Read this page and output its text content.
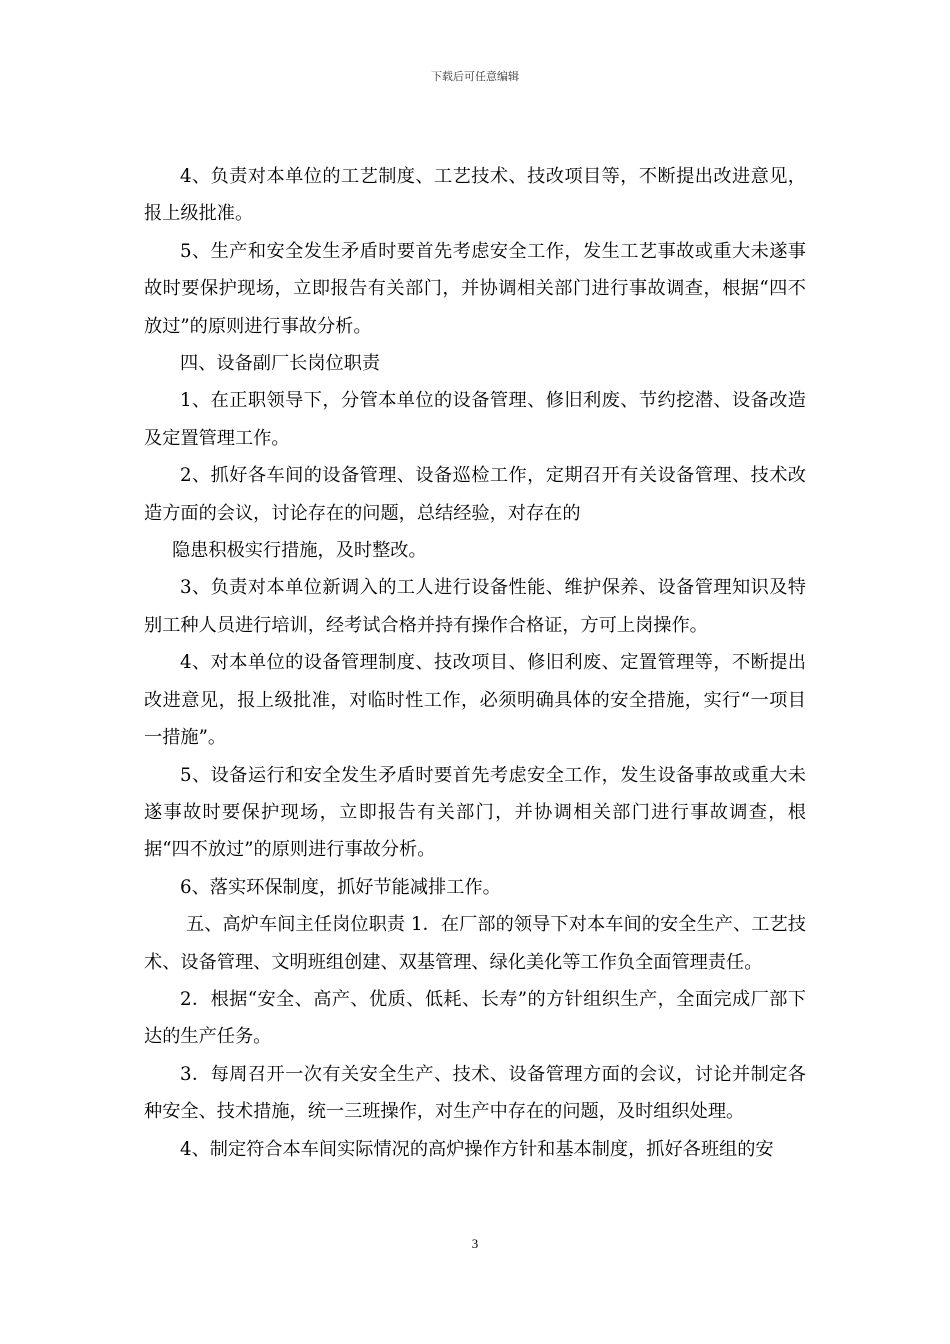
下载后可任意编辑

4、负责对本单位的工艺制度、工艺技术、技改项目等，不断提出改进意见，报上级批准。

5、生产和安全发生矛盾时要首先考虑安全工作，发生工艺事故或重大未遂事故时要保护现场，立即报告有关部门，并协调相关部门进行事故调查，根据“四不放过”的原则进行事故分析。

四、设备副厂长岗位职责

1、在正职领导下，分管本单位的设备管理、修旧利废、节约挖潜、设备改造及定置管理工作。

2、抓好各车间的设备管理、设备巡检工作，定期召开有关设备管理、技术改造方面的会议，讨论存在的问题，总结经验，对存在的

隐患积极实行措施，及时整改。

3、负责对本单位新调入的工人进行设备性能、维护保养、设备管理知识及特别工种人员进行培训，经考试合格并持有操作合格证，方可上岗操作。

4、对本单位的设备管理制度、技改项目、修旧利废、定置管理等，不断提出改进意见，报上级批准，对临时性工作，必须明确具体的安全措施，实行“一项目一措施”。

5、设备运行和安全发生矛盾时要首先考虑安全工作，发生设备事故或重大未遂事故时要保护现场，立即报告有关部门，并协调相关部门进行事故调查，根据“四不放过”的原则进行事故分析。

6、落实环保制度，抓好节能减排工作。

五、高炉车间主任岗位职责 1．在厂部的领导下对本车间的安全生产、工艺技术、设备管理、文明班组创建、双基管理、绿化美化等工作负全面管理责任。

2．根据“安全、高产、优质、低耗、长寿”的方针组织生产，全面完成厂部下达的生产任务。

3．每周召开一次有关安全生产、技术、设备管理方面的会议，讨论并制定各种安全、技术措施，统一三班操作，对生产中存在的问题，及时组织处理。

4、制定符合本车间实际情况的高炉操作方针和基本制度，抓好各班组的安

3
